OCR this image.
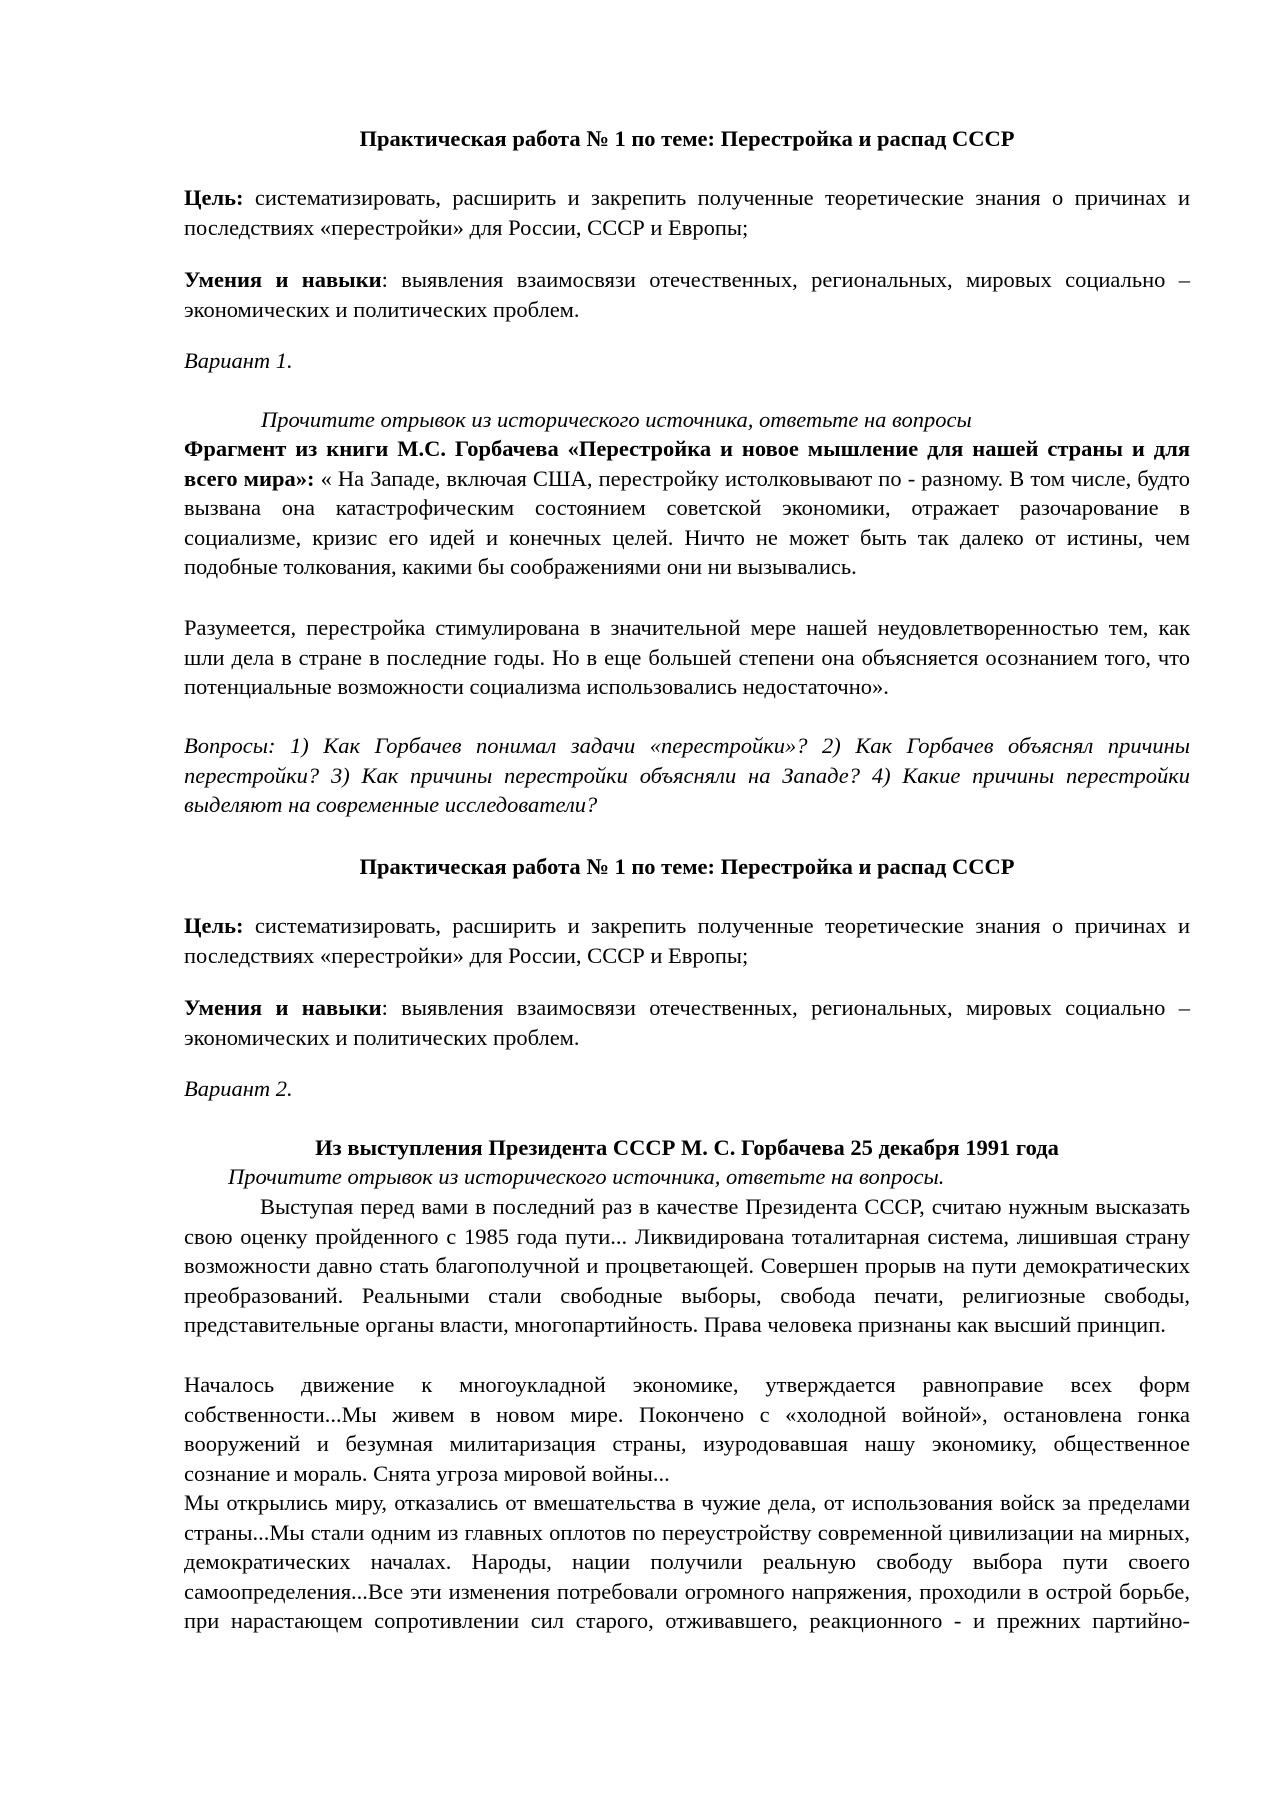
Практическая работа № 1 по теме: Перестройка и распад СССР

Цель: систематизировать, расширить и закрепить полученные теоретические знания о причинах и последствиях «перестройки» для России, СССР и Европы;

Умения и навыки: выявления взаимосвязи отечественных, региональных, мировых социально – экономических и политических проблем.

Вариант 1.

Прочитите отрывок из исторического источника, ответьте на вопросы

Фрагмент из книги М.С. Горбачева «Перестройка и новое мышление для нашей страны и для всего мира»: « На Западе, включая США, перестройку истолковывают по - разному. В том числе, будто вызвана она катастрофическим состоянием советской экономики, отражает разочарование в социализме, кризис его идей и конечных целей. Ничто не может быть так далеко от истины, чем подобные толкования, какими бы соображениями они ни вызывались.

Разумеется, перестройка стимулирована в значительной мере нашей неудовлетворенностью тем, как шли дела в стране в последние годы. Но в еще большей степени она объясняется осознанием того, что потенциальные возможности социализма использовались недостаточно».

Вопросы: 1) Как Горбачев понимал задачи «перестройки»? 2) Как Горбачев объяснял причины перестройки? 3) Как причины перестройки объясняли на Западе? 4) Какие причины перестройки выделяют на современные исследователи?

Практическая работа № 1 по теме: Перестройка и распад СССР

Цель: систематизировать, расширить и закрепить полученные теоретические знания о причинах и последствиях «перестройки» для России, СССР и Европы;

Умения и навыки: выявления взаимосвязи отечественных, региональных, мировых социально – экономических и политических проблем.

Вариант 2.

Из выступления Президента СССР М. С. Горбачева 25 декабря 1991 года

Прочитите отрывок из исторического источника, ответьте на вопросы.

Выступая перед вами в последний раз в качестве Президента СССР, считаю нужным высказать свою оценку пройденного с 1985 года пути... Ликвидирована тоталитарная система, лишившая страну возможности давно стать благополучной и процветающей. Совершен прорыв на пути демократических преобразований. Реальными стали свободные выборы, свобода печати, религиозные свободы, представительные органы власти, многопартийность. Права человека признаны как высший принцип.

Началось движение к многоукладной экономике, утверждается равноправие всех форм собственности...Мы живем в новом мире. Покончено с «холодной войной», остановлена гонка вооружений и безумная милитаризация страны, изуродовавшая нашу экономику, общественное сознание и мораль. Снята угроза мировой войны...

Мы открылись миру, отказались от вмешательства в чужие дела, от использования войск за пределами страны...Мы стали одним из главных оплотов по переустройству современной цивилизации на мирных, демократических началах. Народы, нации получили реальную свободу выбора пути своего самоопределения...Все эти изменения потребовали огромного напряжения, проходили в острой борьбе, при нарастающем сопротивлении сил старого, отживавшего, реакционного - и прежних партийно-
